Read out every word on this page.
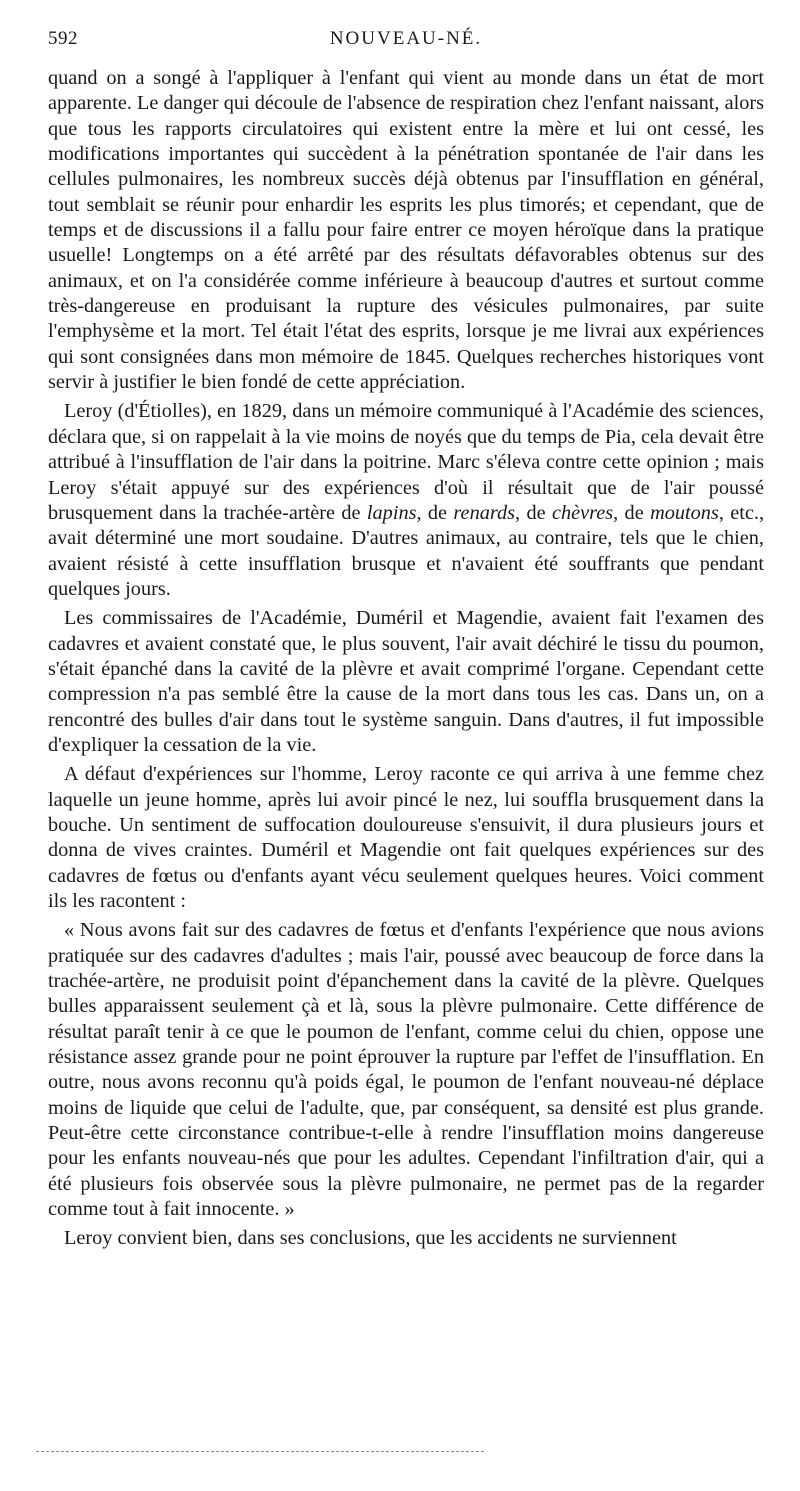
592	NOUVEAU-NÉ.

quand on a songé à l'appliquer à l'enfant qui vient au monde dans un état de mort apparente. Le danger qui découle de l'absence de respiration chez l'enfant naissant, alors que tous les rapports circulatoires qui existent entre la mère et lui ont cessé, les modifications importantes qui succèdent à la pénétration spontanée de l'air dans les cellules pulmonaires, les nombreux succès déjà obtenus par l'insufflation en général, tout semblait se réunir pour enhardir les esprits les plus timorés; et cependant, que de temps et de discussions il a fallu pour faire entrer ce moyen héroïque dans la pratique usuelle! Longtemps on a été arrêté par des résultats défavorables obtenus sur des animaux, et on l'a considérée comme inférieure à beaucoup d'autres et surtout comme très-dangereuse en produisant la rupture des vésicules pulmonaires, par suite l'emphysème et la mort. Tel était l'état des esprits, lorsque je me livrai aux expériences qui sont consignées dans mon mémoire de 1845. Quelques recherches historiques vont servir à justifier le bien fondé de cette appréciation.

Leroy (d'Étiolles), en 1829, dans un mémoire communiqué à l'Académie des sciences, déclara que, si on rappelait à la vie moins de noyés que du temps de Pia, cela devait être attribué à l'insufflation de l'air dans la poitrine. Marc s'éleva contre cette opinion ; mais Leroy s'était appuyé sur des expériences d'où il résultait que de l'air poussé brusquement dans la trachée-artère de lapins, de renards, de chèvres, de moutons, etc., avait déterminé une mort soudaine. D'autres animaux, au contraire, tels que le chien, avaient résisté à cette insufflation brusque et n'avaient été souffrants que pendant quelques jours.

Les commissaires de l'Académie, Duméril et Magendie, avaient fait l'examen des cadavres et avaient constaté que, le plus souvent, l'air avait déchiré le tissu du poumon, s'était épanché dans la cavité de la plèvre et avait comprimé l'organe. Cependant cette compression n'a pas semblé être la cause de la mort dans tous les cas. Dans un, on a rencontré des bulles d'air dans tout le système sanguin. Dans d'autres, il fut impossible d'expliquer la cessation de la vie.

A défaut d'expériences sur l'homme, Leroy raconte ce qui arriva à une femme chez laquelle un jeune homme, après lui avoir pincé le nez, lui souffla brusquement dans la bouche. Un sentiment de suffocation douloureuse s'ensuivit, il dura plusieurs jours et donna de vives craintes. Duméril et Magendie ont fait quelques expériences sur des cadavres de fœtus ou d'enfants ayant vécu seulement quelques heures. Voici comment ils les racontent :

« Nous avons fait sur des cadavres de fœtus et d'enfants l'expérience que nous avions pratiquée sur des cadavres d'adultes ; mais l'air, poussé avec beaucoup de force dans la trachée-artère, ne produisit point d'épanchement dans la cavité de la plèvre. Quelques bulles apparaissent seulement çà et là, sous la plèvre pulmonaire. Cette différence de résultat paraît tenir à ce que le poumon de l'enfant, comme celui du chien, oppose une résistance assez grande pour ne point éprouver la rupture par l'effet de l'insufflation. En outre, nous avons reconnu qu'à poids égal, le poumon de l'enfant nouveau-né déplace moins de liquide que celui de l'adulte, que, par conséquent, sa densité est plus grande. Peut-être cette circonstance contribue-t-elle à rendre l'insufflation moins dangereuse pour les enfants nouveau-nés que pour les adultes. Cependant l'infiltration d'air, qui a été plusieurs fois observée sous la plèvre pulmonaire, ne permet pas de la regarder comme tout à fait innocente. »

Leroy convient bien, dans ses conclusions, que les accidents ne surviennent
